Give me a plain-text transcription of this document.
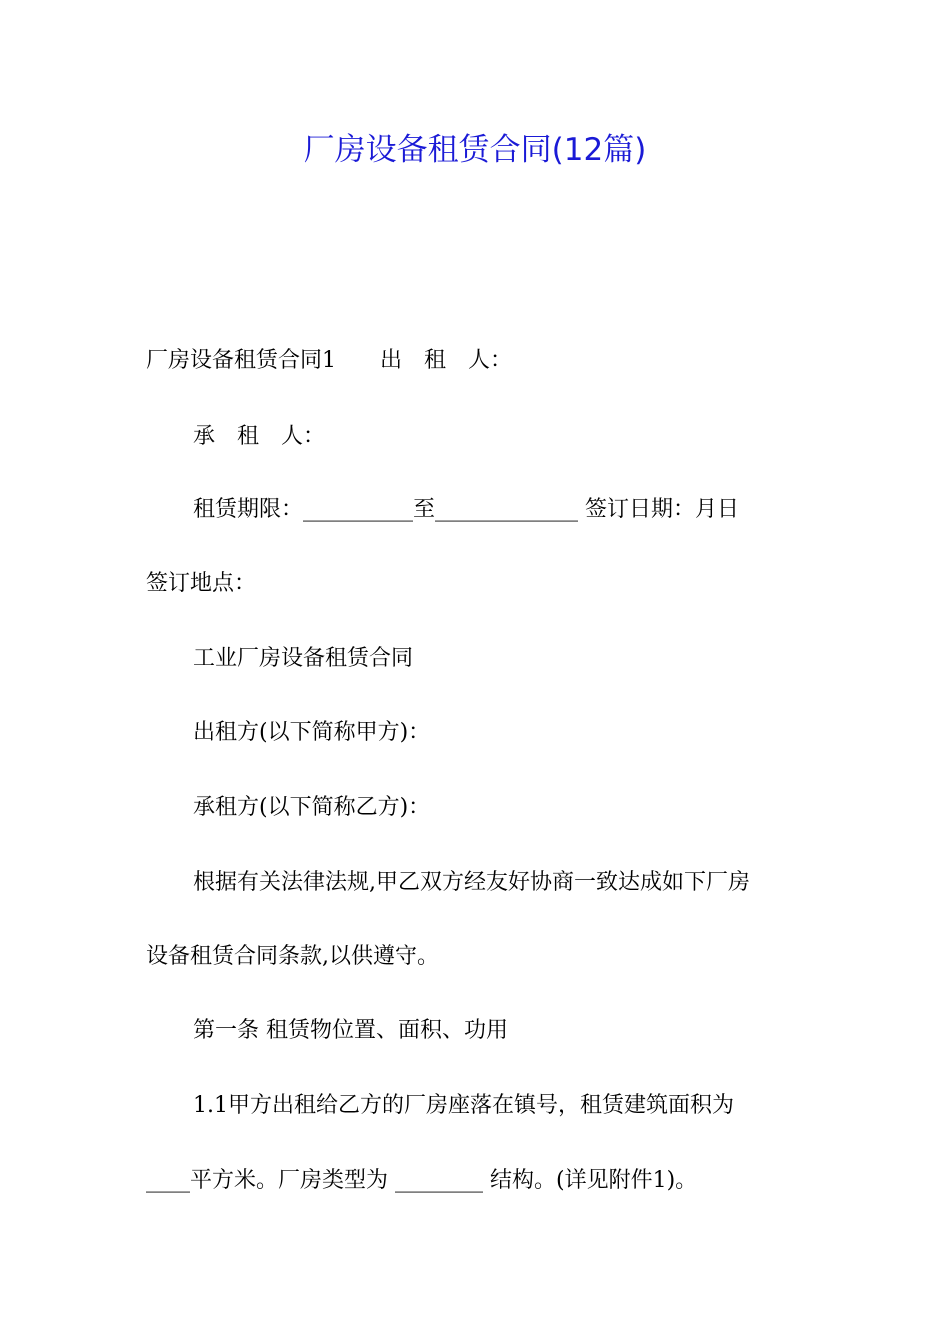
厂房设备租赁合同(12篇)

厂房设备租赁合同1　　出　租　人：

承　租　人：

租赁期限：__________至_____________ 签订日期：月日

签订地点：

工业厂房设备租赁合同

出租方(以下简称甲方)：

承租方(以下简称乙方)：

根据有关法律法规,甲乙双方经友好协商一致达成如下厂房

设备租赁合同条款,以供遵守。

第一条 租赁物位置、面积、功用

1.1甲方出租给乙方的厂房座落在镇号，租赁建筑面积为

____平方米。厂房类型为 ________ 结构。(详见附件1)。
